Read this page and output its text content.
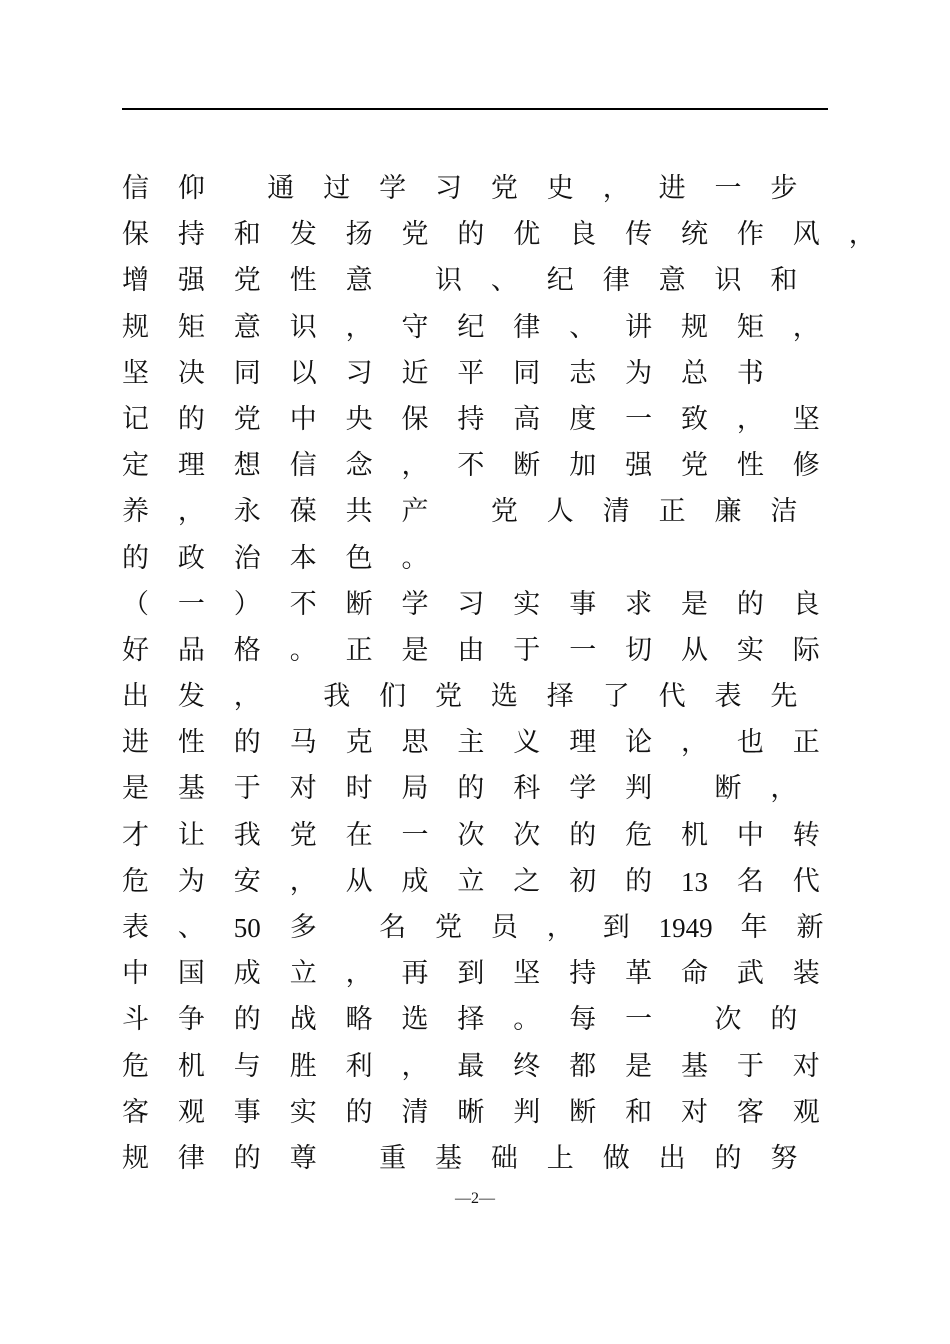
信 仰 通 过 学 习 党 史 ， 进 一 步
保 持 和 发 扬 党 的 优 良 传 统 作 风 ，
增 强 党 性 意 识 、 纪 律 意 识 和
规 矩 意 识 ， 守 纪 律 、 讲 规 矩 ，
坚 决 同 以 习 近 平 同 志 为 总 书
记 的 党 中 央 保 持 高 度 一 致 ， 坚
定 理 想 信 念 ， 不 断 加 强 党 性 修
养 ， 永 葆 共 产 党 人 清 正 廉 洁
的 政 治 本 色 。
（ 一 ） 不 断 学 习 实 事 求 是 的 良
好 品 格 。 正 是 由 于 一 切 从 实 际
出 发 ， 我 们 党 选 择 了 代 表 先
进 性 的 马 克 思 主 义 理 论 ， 也 正
是 基 于 对 时 局 的 科 学 判 断 ，
才 让 我 党 在 一 次 次 的 危 机 中 转
危 为 安 ， 从 成 立 之 初 的 13 名 代
表 、 50 多 名 党 员 ， 到 1949 年 新
中 国 成 立 ， 再 到 坚 持 革 命 武 装
斗 争 的 战 略 选 择 。 每 一 次 的
危 机 与 胜 利 ， 最 终 都 是 基 于 对
客 观 事 实 的 清 晰 判 断 和 对 客 观
规 律 的 尊 重 基 础 上 做 出 的 努
—2—
